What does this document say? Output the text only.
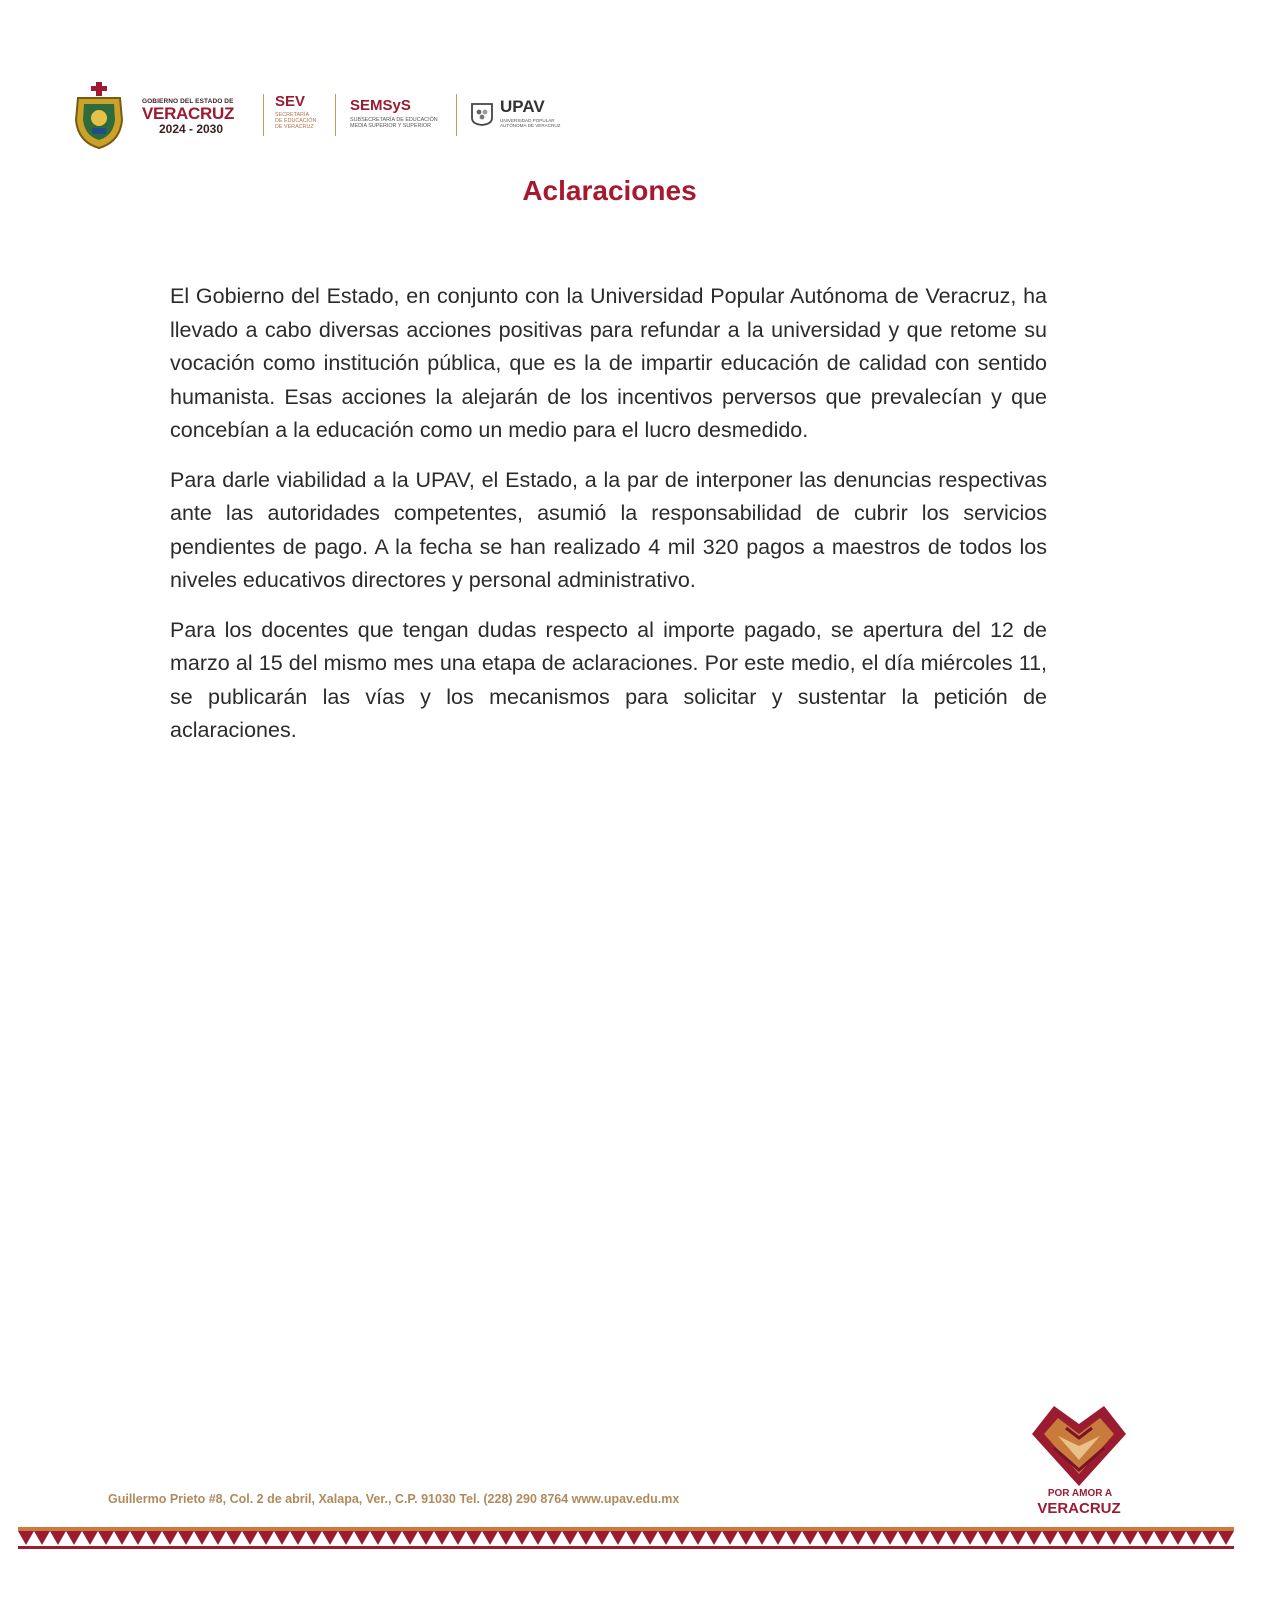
GOBIERNO DEL ESTADO DE
VERACRUZ
2024 - 2030
SEV
SECRETARÍA
DE EDUCACIÓN
DE VERACRUZ
SEMSyS
SUBSECRETARÍA DE EDUCACIÓN
MEDIA SUPERIOR Y SUPERIOR
UPAV
UNIVERSIDAD POPULAR
AUTÓNOMA DE VERACRUZ
Aclaraciones

El Gobierno del Estado, en conjunto con la Universidad Popular Autónoma de Veracruz, ha llevado a cabo diversas acciones positivas para refundar a la universidad y que retome su vocación como institución pública, que es la de impartir educación de calidad con sentido humanista. Esas acciones la alejarán de los incentivos perversos que prevalecían y que concebían a la educación como un medio para el lucro desmedido.

Para darle viabilidad a la UPAV, el Estado, a la par de interponer las denuncias respectivas ante las autoridades competentes, asumió la responsabilidad de cubrir los servicios pendientes de pago. A la fecha se han realizado 4 mil 320 pagos a maestros de todos los niveles educativos directores y personal administrativo.

Para los docentes que tengan dudas respecto al importe pagado, se apertura del 12 de marzo al 15 del mismo mes una etapa de aclaraciones. Por este medio, el día miércoles 11, se publicarán las vías y los mecanismos para solicitar y sustentar la petición de aclaraciones.

POR AMOR A
VERACRUZ
Guillermo Prieto #8, Col. 2 de abril, Xalapa, Ver., C.P. 91030 Tel. (228) 290 8764 www.upav.edu.mx
